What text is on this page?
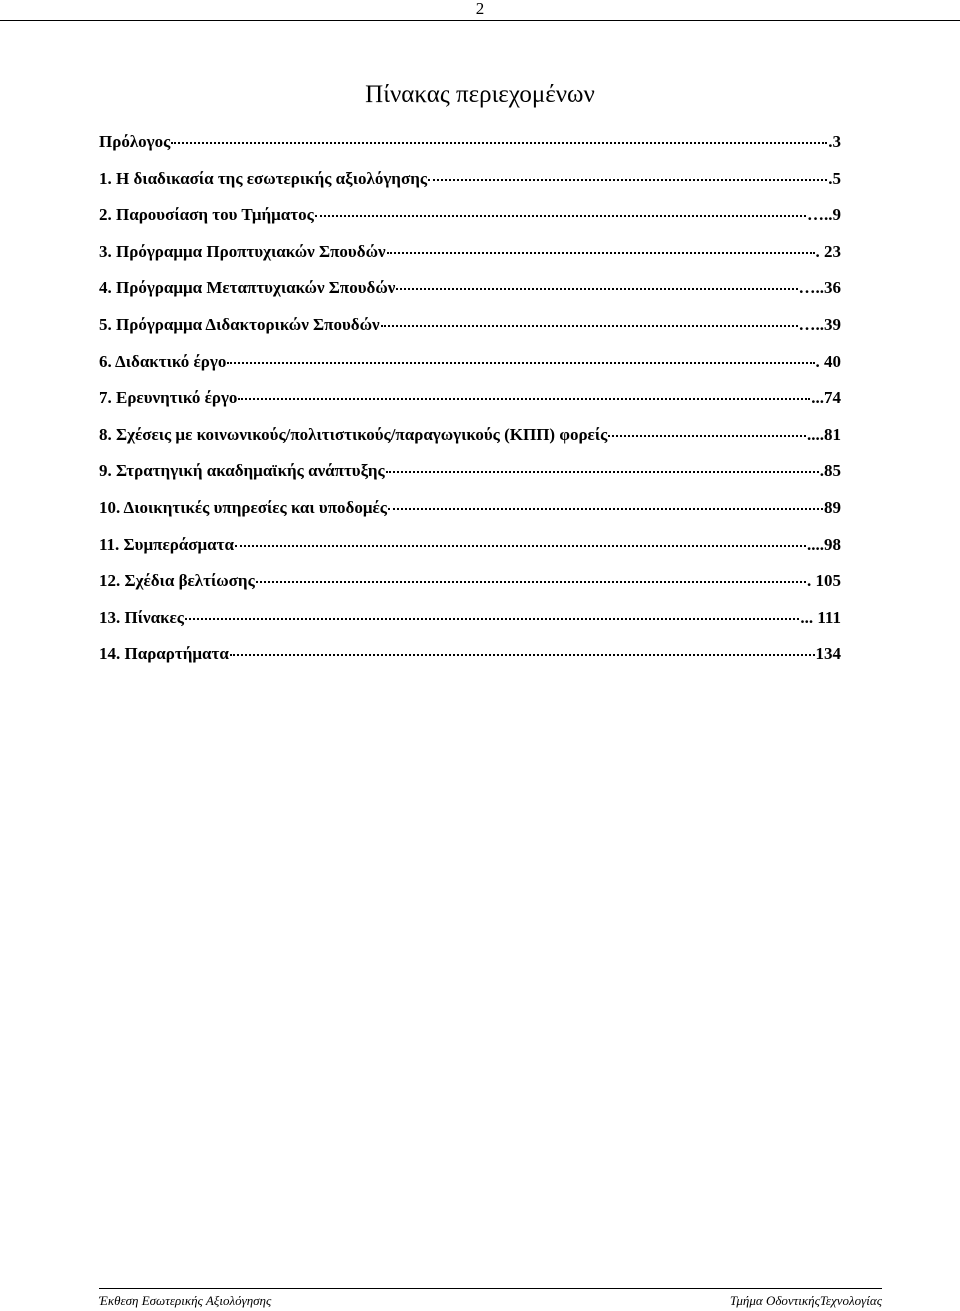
2
Πίνακας περιεχομένων
Πρόλογος	.3
1. Η διαδικασία της εσωτερικής αξιολόγησης	.5
2. Παρουσίαση του Τμήματος	…..9
3. Πρόγραμμα Προπτυχιακών Σπουδών	. 23
4. Πρόγραμμα Μεταπτυχιακών Σπουδών	…..36
5. Πρόγραμμα Διδακτορικών Σπουδών	…..39
6. Διδακτικό έργο	. 40
7. Ερευνητικό έργο	...74
8. Σχέσεις με κοινωνικούς/πολιτιστικούς/παραγωγικούς (ΚΠΠ) φορείς	....81
9. Στρατηγική ακαδημαϊκής ανάπτυξης	.85
10. Διοικητικές υπηρεσίες και υποδομές	89
11. Συμπεράσματα	....98
12. Σχέδια βελτίωσης	. 105
13. Πίνακες	... 111
14. Παραρτήματα	134
Έκθεση Εσωτερικής Αξιολόγησης	Τμήμα ΟδοντικήςΤεχνολογίας
